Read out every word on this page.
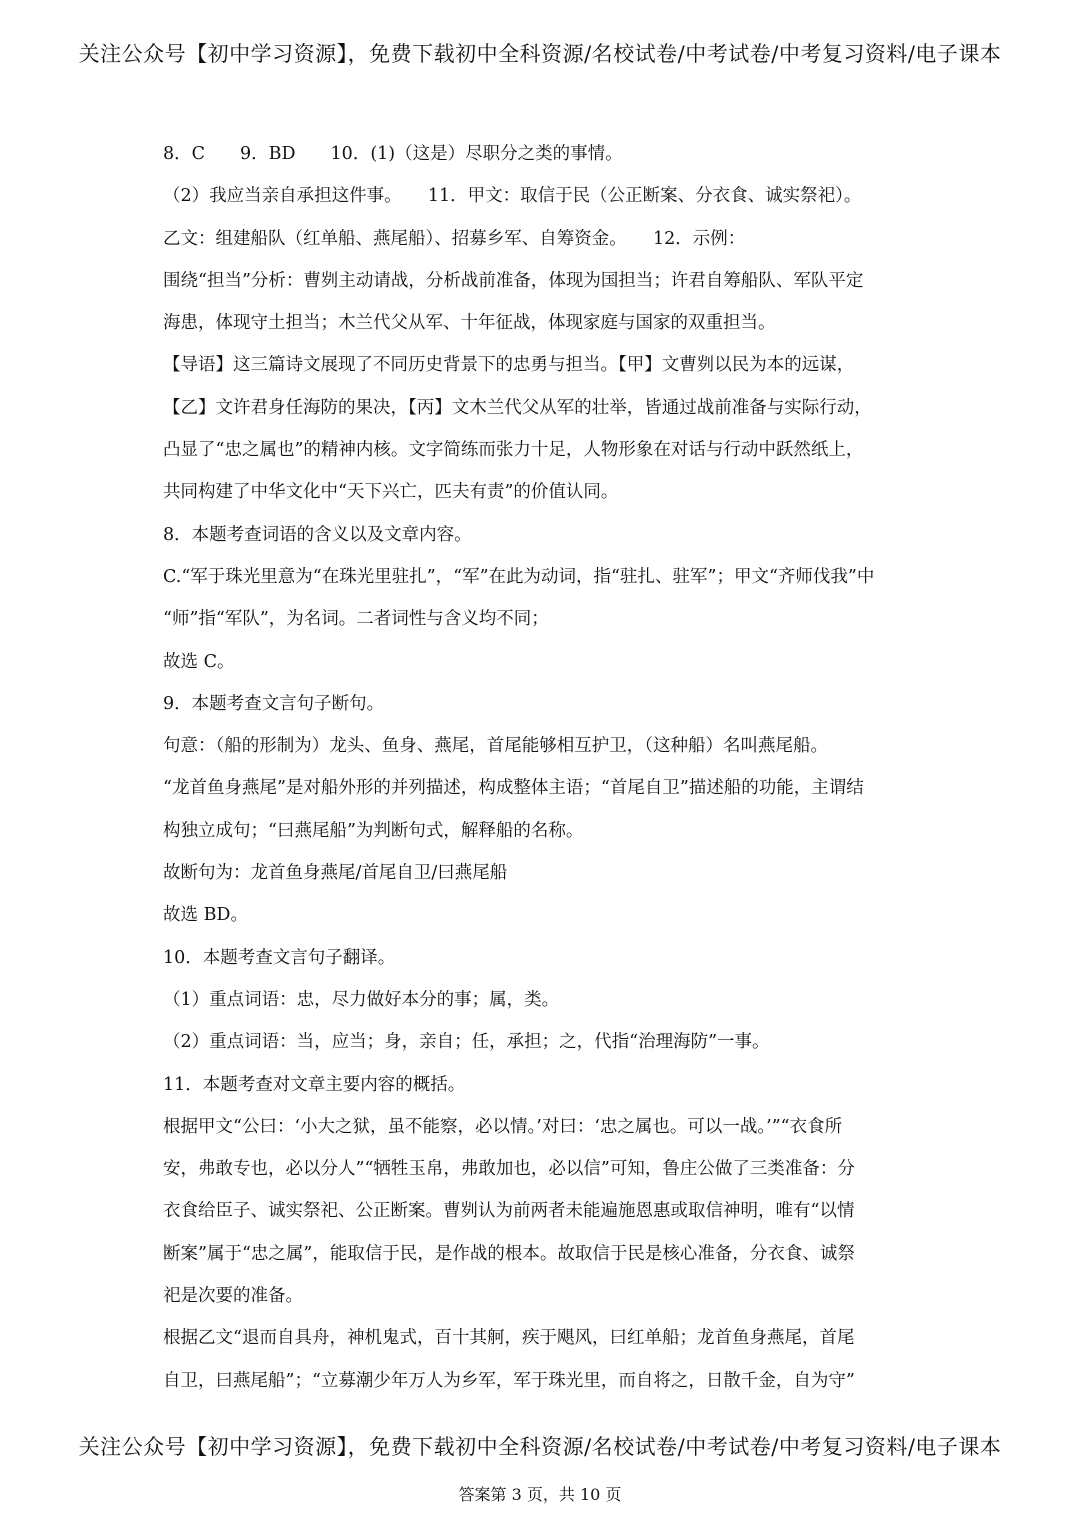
关注公众号【初中学习资源】，免费下载初中全科资源/名校试卷/中考试卷/中考复习资料/电子课本
8．C　　9．BD　　10．(1)（这是）尽职分之类的事情。
（2）我应当亲自承担这件事。　　11．甲文：取信于民（公正断案、分衣食、诚实祭祀）。
乙文：组建船队（红单船、燕尾船）、招募乡军、自筹资金。　　12．示例：
围绕“担当”分析：曹刿主动请战，分析战前准备，体现为国担当；许君自筹船队、军队平定
海患，体现守土担当；木兰代父从军、十年征战，体现家庭与国家的双重担当。
【导语】这三篇诗文展现了不同历史背景下的忠勇与担当。【甲】文曹刿以民为本的远谋，
【乙】文许君身任海防的果决，【丙】文木兰代父从军的壮举，皆通过战前准备与实际行动，
凸显了“忠之属也”的精神内核。文字简练而张力十足，人物形象在对话与行动中跃然纸上，
共同构建了中华文化中“天下兴亡，匹夫有责”的价值认同。
8．本题考查词语的含义以及文章内容。
C.“军于珠光里意为“在珠光里驻扎”，“军”在此为动词，指“驻扎、驻军”；甲文“齐师伐我”中
“师”指“军队”，为名词。二者词性与含义均不同；
故选 C。
9．本题考查文言句子断句。
句意：（船的形制为）龙头、鱼身、燕尾，首尾能够相互护卫，（这种船）名叫燕尾船。
“龙首鱼身燕尾”是对船外形的并列描述，构成整体主语；“首尾自卫”描述船的功能，主谓结
构独立成句；“曰燕尾船”为判断句式，解释船的名称。
故断句为：龙首鱼身燕尾/首尾自卫/曰燕尾船
故选 BD。
10．本题考查文言句子翻译。
（1）重点词语：忠，尽力做好本分的事；属，类。
（2）重点词语：当，应当；身，亲自；任，承担；之，代指“治理海防”一事。
11．本题考查对文章主要内容的概括。
根据甲文“公曰：‘小大之狱，虽不能察，必以情。’对曰：‘忠之属也。可以一战。’”“衣食所
安，弗敢专也，必以分人”“牺牲玉帛，弗敢加也，必以信”可知，鲁庄公做了三类准备：分
衣食给臣子、诚实祭祀、公正断案。曹刿认为前两者未能遍施恩惠或取信神明，唯有“以情
断案”属于“忠之属”，能取信于民，是作战的根本。故取信于民是核心准备，分衣食、诚祭
祀是次要的准备。
根据乙文“退而自具舟，神机鬼式，百十其舸，疾于飓风，曰红单船；龙首鱼身燕尾，首尾
自卫，曰燕尾船”；“立募潮少年万人为乡军，军于珠光里，而自将之，日散千金，自为守”
关注公众号【初中学习资源】，免费下载初中全科资源/名校试卷/中考试卷/中考复习资料/电子课本
答案第 3 页，共 10 页
